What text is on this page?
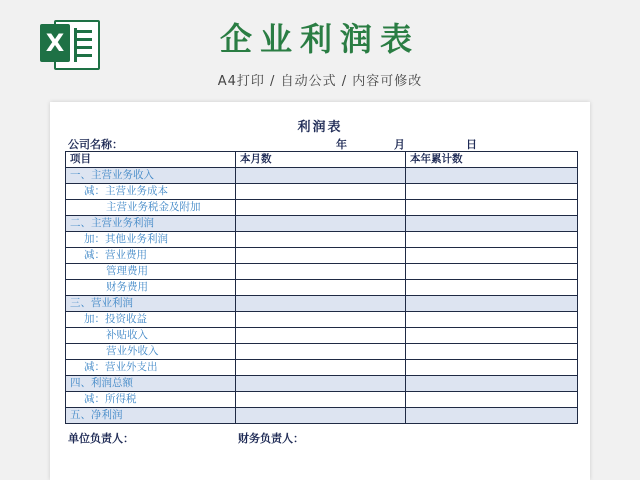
X	企业利润表
A4打印 / 自动公式 / 内容可修改
利润表
公司名称：	年	月	日
项目	本月数	本年累计数
一、主营业务收入		
减：主营业务成本		
主营业务税金及附加		
二、主营业务利润		
加：其他业务利润		
减：营业费用		
管理费用		
财务费用		
三、营业利润		
加：投资收益		
补贴收入		
营业外收入		
减：营业外支出		
四、利润总额		
减：所得税		
五、净利润		
单位负责人：	财务负责人：
